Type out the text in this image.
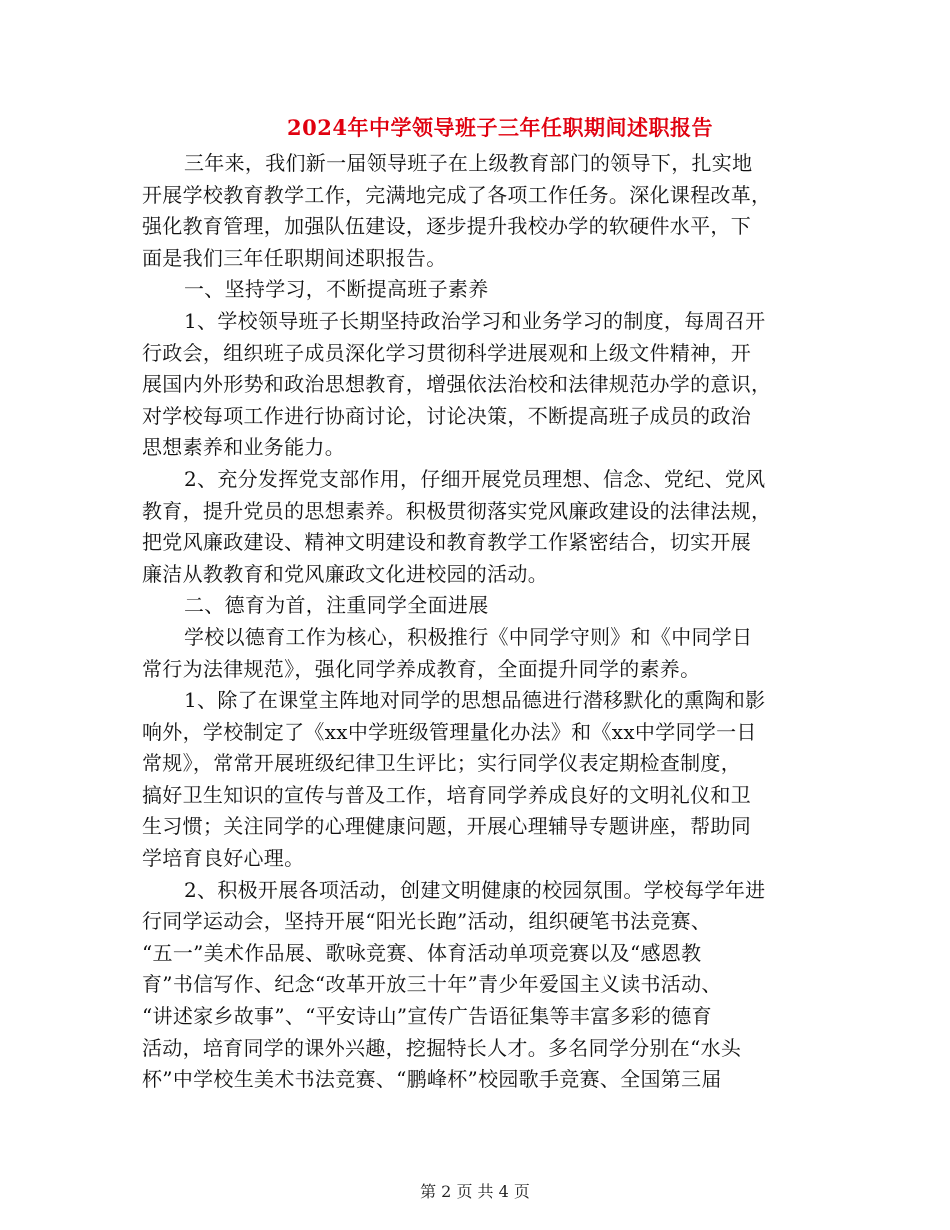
2024年中学领导班子三年任职期间述职报告
三年来，我们新一届领导班子在上级教育部门的领导下，扎实地
开展学校教育教学工作，完满地完成了各项工作任务。深化课程改革，
强化教育管理，加强队伍建设，逐步提升我校办学的软硬件水平，下
面是我们三年任职期间述职报告。
一、坚持学习，不断提高班子素养
1、学校领导班子长期坚持政治学习和业务学习的制度，每周召开
行政会，组织班子成员深化学习贯彻科学进展观和上级文件精神，开
展国内外形势和政治思想教育，增强依法治校和法律规范办学的意识，
对学校每项工作进行协商讨论，讨论决策，不断提高班子成员的政治
思想素养和业务能力。
2、充分发挥党支部作用，仔细开展党员理想、信念、党纪、党风
教育，提升党员的思想素养。积极贯彻落实党风廉政建设的法律法规，
把党风廉政建设、精神文明建设和教育教学工作紧密结合，切实开展
廉洁从教教育和党风廉政文化进校园的活动。
二、德育为首，注重同学全面进展
学校以德育工作为核心，积极推行《中同学守则》和《中同学日
常行为法律规范》，强化同学养成教育，全面提升同学的素养。
1、除了在课堂主阵地对同学的思想品德进行潜移默化的熏陶和影
响外，学校制定了《xx中学班级管理量化办法》和《xx中学同学一日
常规》，常常开展班级纪律卫生评比；实行同学仪表定期检查制度，
搞好卫生知识的宣传与普及工作，培育同学养成良好的文明礼仪和卫
生习惯；关注同学的心理健康问题，开展心理辅导专题讲座，帮助同
学培育良好心理。
2、积极开展各项活动，创建文明健康的校园氛围。学校每学年进
行同学运动会，坚持开展“阳光长跑”活动，组织硬笔书法竞赛、
“五一”美术作品展、歌咏竞赛、体育活动单项竞赛以及“感恩教
育”书信写作、纪念“改革开放三十年”青少年爱国主义读书活动、
“讲述家乡故事”、“平安诗山”宣传广告语征集等丰富多彩的德育
活动，培育同学的课外兴趣，挖掘特长人才。多名同学分别在“水头
杯”中学校生美术书法竞赛、“鹏峰杯”校园歌手竞赛、全国第三届
第 2 页 共 4 页
